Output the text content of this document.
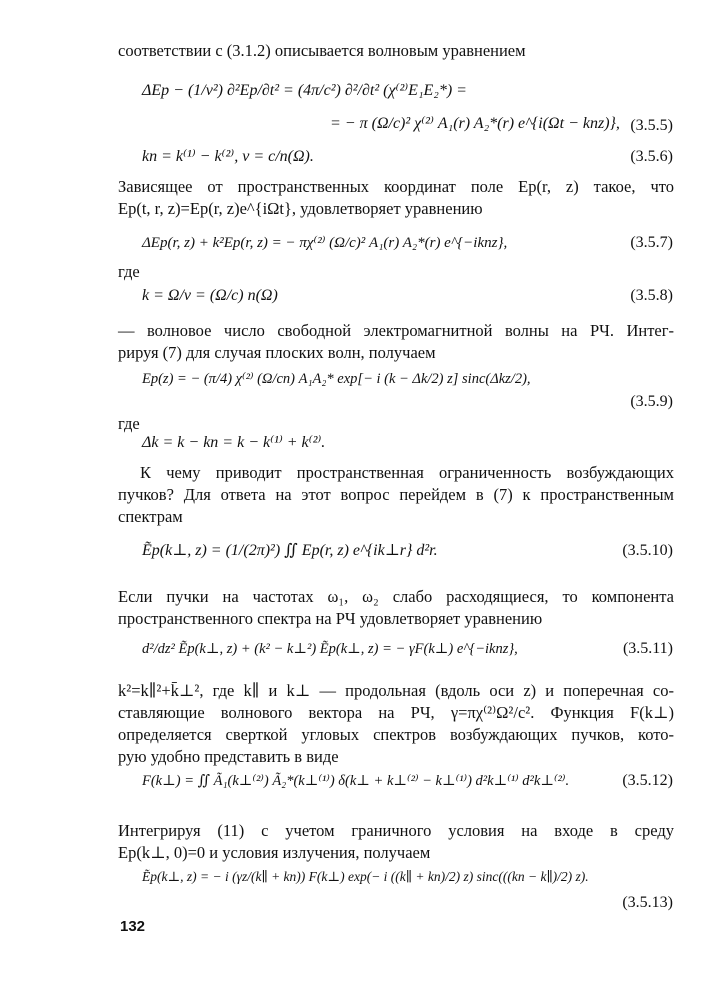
соответствии с (3.1.2) описывается волновым уравнением
ΔEр − (1/v²) ∂²Eр/∂t² = (4π/c²) ∂²/∂t² (χ⁽²⁾E₁E₂*) =
= − π (Ω/c)² χ⁽²⁾ A₁(r) A₂*(r) e^{i(Ωt − kпz)}, (3.5.5)
kп = k⁽¹⁾ − k⁽²⁾, v = c/n(Ω).	(3.5.6)
Зависящее от пространственных координат поле Eр(r, z) такое, что
Eр(t, r, z)=Eр(r, z)e^{iΩt}, удовлетворяет уравнению
ΔEр(r, z) + k²Eр(r, z) = − πχ⁽²⁾ (Ω/c)² A₁(r) A₂*(r) e^{−ikпz},	(3.5.7)
где
k = Ω/v = (Ω/c) n(Ω)	(3.5.8)
— волновое число свободной электромагнитной волны на РЧ. Интег-
рируя (7) для случая плоских волн, получаем
Eр(z) = − (π/4) χ⁽²⁾ (Ω/cn) A₁A₂* exp[− i (k − Δk/2) z] sinc(Δkz/2),
(3.5.9)
где
Δk = k − kп = k − k⁽¹⁾ + k⁽²⁾.
К чему приводит пространственная ограниченность возбуждающих
пучков? Для ответа на этот вопрос перейдем в (7) к пространственным
спектрам
Ẽр(k⊥, z) = (1/(2π)²) ∬ Eр(r, z) e^{ik⊥r} d²r.	(3.5.10)
Если пучки на частотах ω₁, ω₂ слабо расходящиеся, то компонента
пространственного спектра на РЧ удовлетворяет уравнению
d²/dz² Ẽр(k⊥, z) + (k² − k⊥²) Ẽр(k⊥, z) = − γF(k⊥) e^{−ikпz},	(3.5.11)
k²=k∥²+k̄⊥², где k∥ и k⊥ — продольная (вдоль оси z) и поперечная со-
ставляющие волнового вектора на РЧ, γ=πχ⁽²⁾Ω²/c². Функция F(k⊥)
определяется сверткой угловых спектров возбуждающих пучков, кото-
рую удобно представить в виде
F(k⊥) = ∬ Ã₁(k⊥⁽²⁾) Ã₂*(k⊥⁽¹⁾) δ(k⊥ + k⊥⁽²⁾ − k⊥⁽¹⁾) d²k⊥⁽¹⁾ d²k⊥⁽²⁾.	(3.5.12)
Интегрируя (11) с учетом граничного условия на входе в среду
Eр(k⊥, 0)=0 и условия излучения, получаем
Ẽр(k⊥, z) = − i (γz/(k∥ + kп)) F(k⊥) exp(− i ((k∥ + kп)/2) z) sinc(((kп − k∥)/2) z).
(3.5.13)
132
